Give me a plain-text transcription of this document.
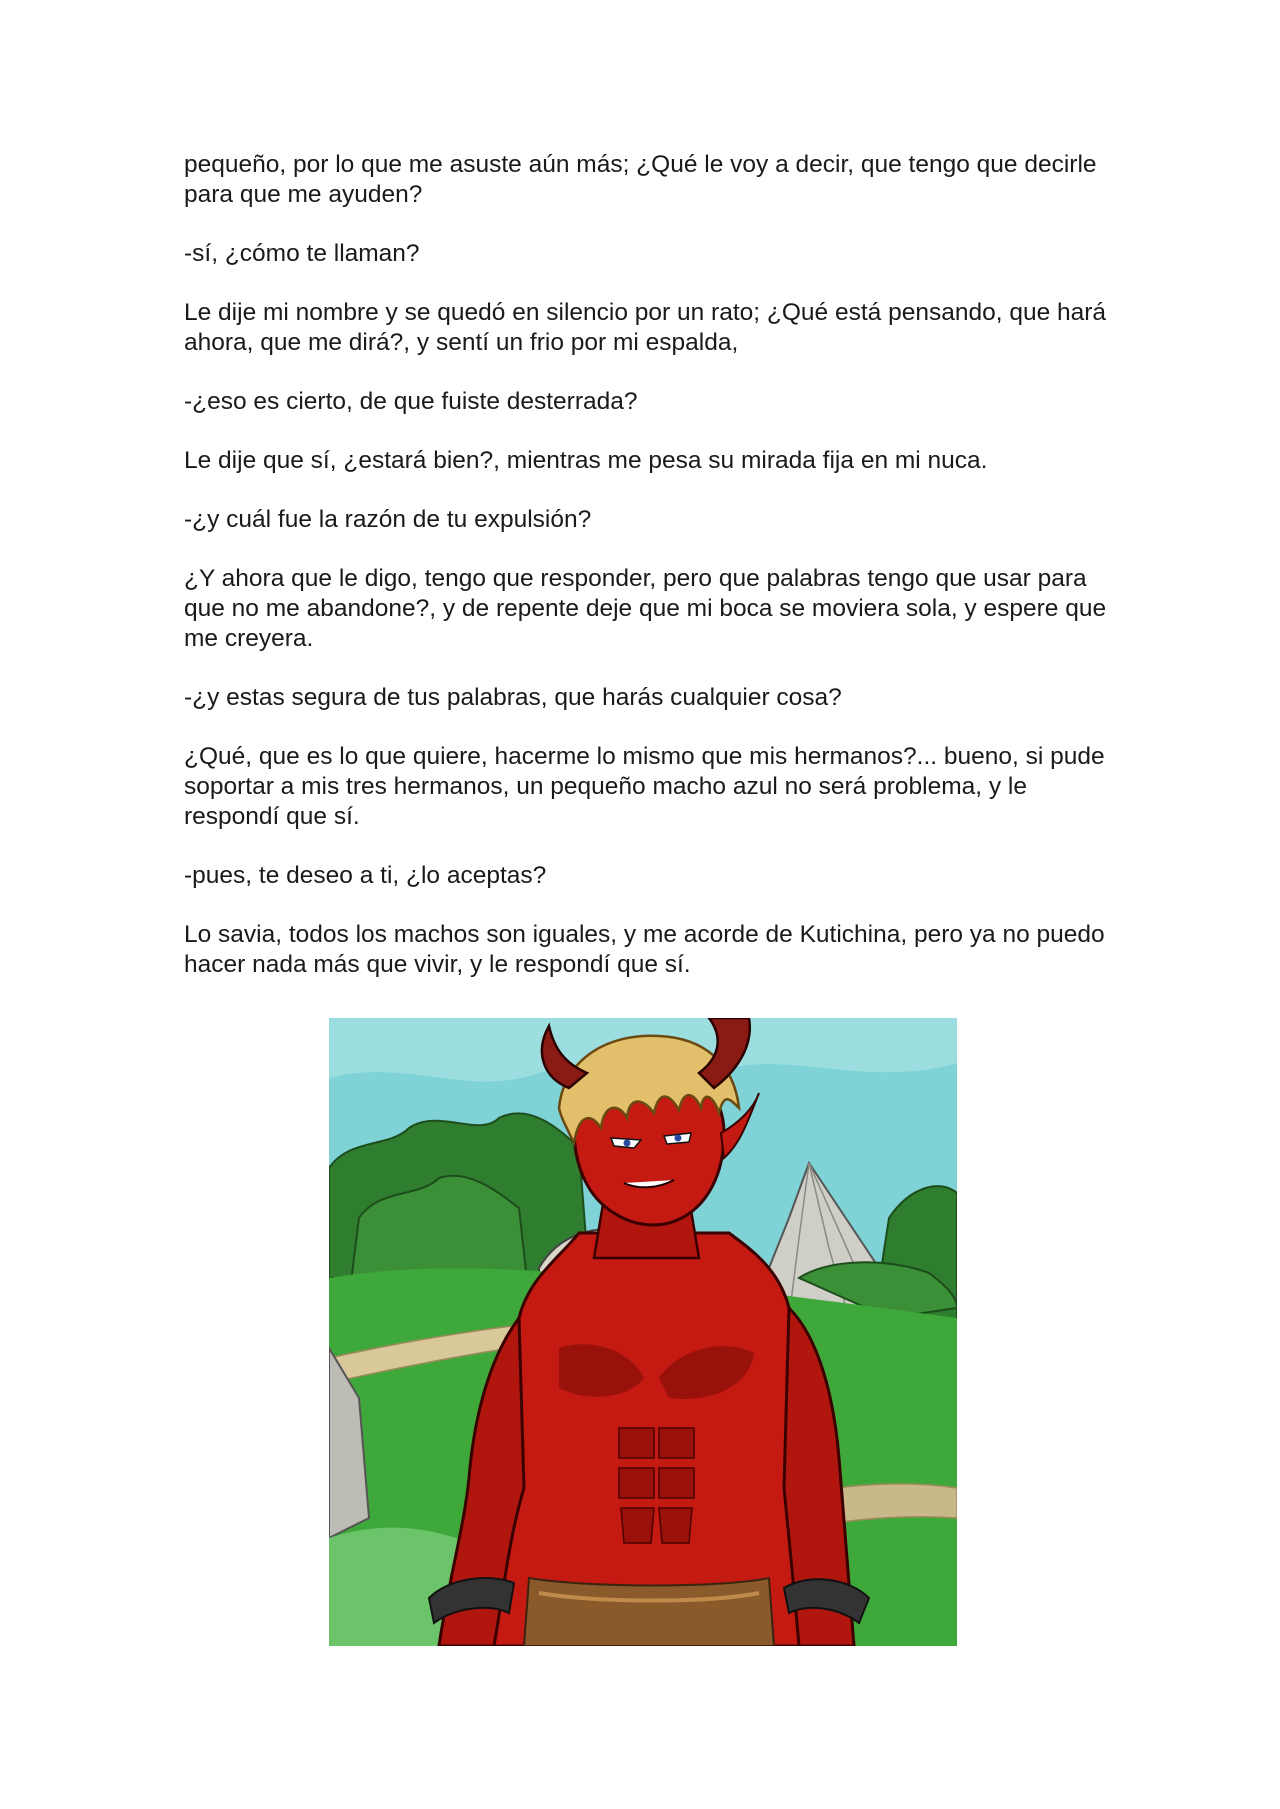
pequeño, por lo que me asuste aún más; ¿Qué le voy a decir, que tengo que decirle para que me ayuden?

-sí, ¿cómo te llaman?

Le dije mi nombre y se quedó en silencio por un rato; ¿Qué está pensando, que hará ahora, que me dirá?, y sentí un frio por mi espalda,

-¿eso es cierto, de que fuiste desterrada?

Le dije que sí, ¿estará bien?, mientras me pesa su mirada fija en mi nuca.

-¿y cuál fue la razón de tu expulsión?

¿Y ahora que le digo, tengo que responder, pero que palabras tengo que usar para que no me abandone?, y de repente deje que mi boca se moviera sola, y espere que me creyera.

-¿y estas segura de tus palabras, que harás cualquier cosa?

¿Qué, que es lo que quiere, hacerme lo mismo que mis hermanos?... bueno, si pude soportar a mis tres hermanos, un pequeño macho azul no será problema, y le respondí que sí.

-pues, te deseo a ti, ¿lo aceptas?

Lo savia, todos los machos son iguales, y me acorde de Kutichina, pero ya no puedo hacer nada más que vivir, y le respondí que sí.
